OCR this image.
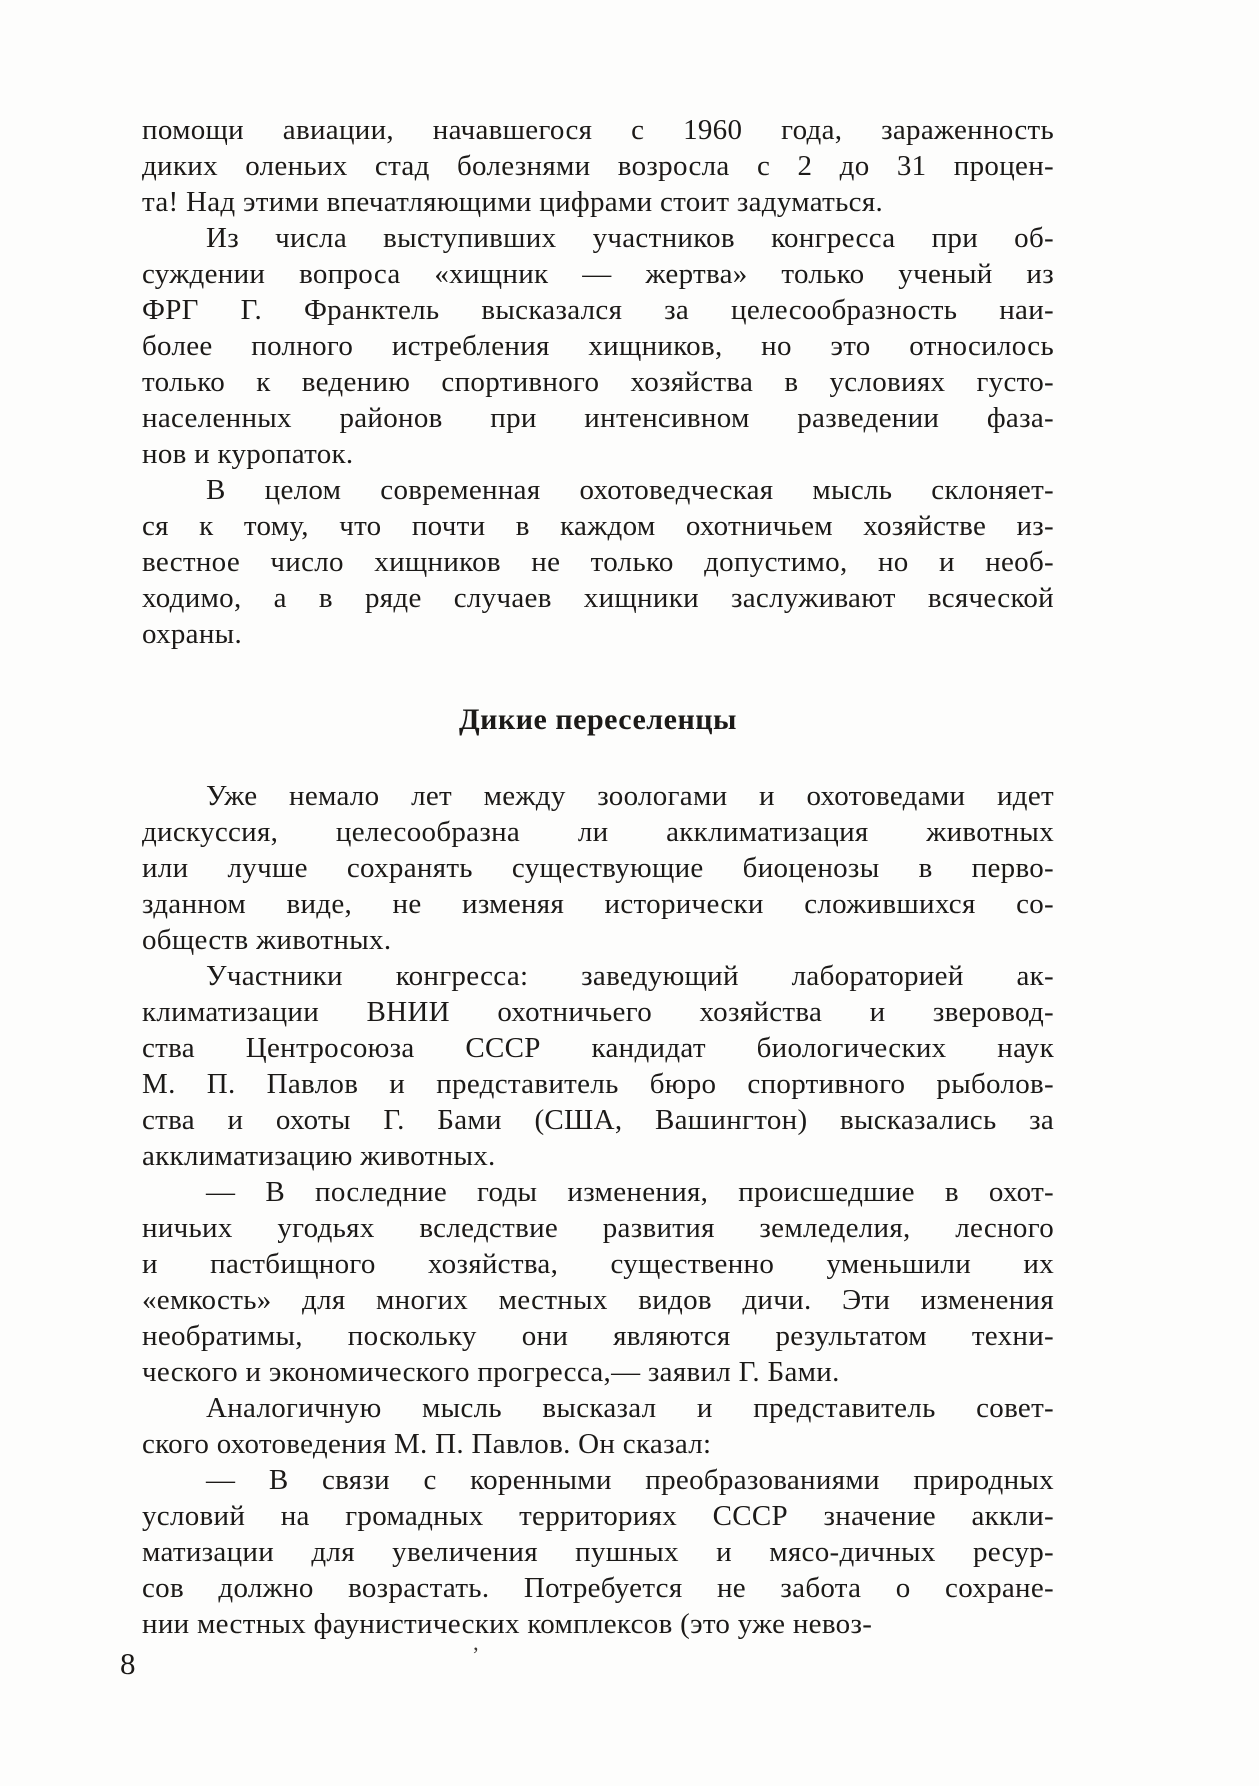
помощи авиации, начавшегося с 1960 года, зараженность
диких оленьих стад болезнями возросла с 2 до 31 процен-
та! Над этими впечатляющими цифрами стоит задуматься.
Из числа выступивших участников конгресса при об-
суждении вопроса «хищник — жертва» только ученый из
ФРГ Г. Франктель высказался за целесообразность наи-
более полного истребления хищников, но это относилось
только к ведению спортивного хозяйства в условиях густо-
населенных районов при интенсивном разведении фаза-
нов и куропаток.
В целом современная охотоведческая мысль склоняет-
ся к тому, что почти в каждом охотничьем хозяйстве из-
вестное число хищников не только допустимо, но и необ-
ходимо, а в ряде случаев хищники заслуживают всяческой
охраны.
Дикие переселенцы
Уже немало лет между зоологами и охотоведами идет
дискуссия, целесообразна ли акклиматизация животных
или лучше сохранять существующие биоценозы в перво-
зданном виде, не изменяя исторически сложившихся со-
обществ животных.
Участники конгресса: заведующий лабораторией ак-
климатизации ВНИИ охотничьего хозяйства и зверовод-
ства Центросоюза СССР кандидат биологических наук
М. П. Павлов и представитель бюро спортивного рыболов-
ства и охоты Г. Бами (США, Вашингтон) высказались за
акклиматизацию животных.
— В последние годы изменения, происшедшие в охот-
ничьих угодьях вследствие развития земледелия, лесного
и пастбищного хозяйства, существенно уменьшили их
«емкость» для многих местных видов дичи. Эти изменения
необратимы, поскольку они являются результатом техни-
ческого и экономического прогресса,— заявил Г. Бами.
Аналогичную мысль высказал и представитель совет-
ского охотоведения М. П. Павлов. Он сказал:
— В связи с коренными преобразованиями природных
условий на громадных территориях СССР значение аккли-
матизации для увеличения пушных и мясо-дичных ресур-
сов должно возрастать. Потребуется не забота о сохране-
нии местных фаунистических комплексов (это уже невоз-
8	’
